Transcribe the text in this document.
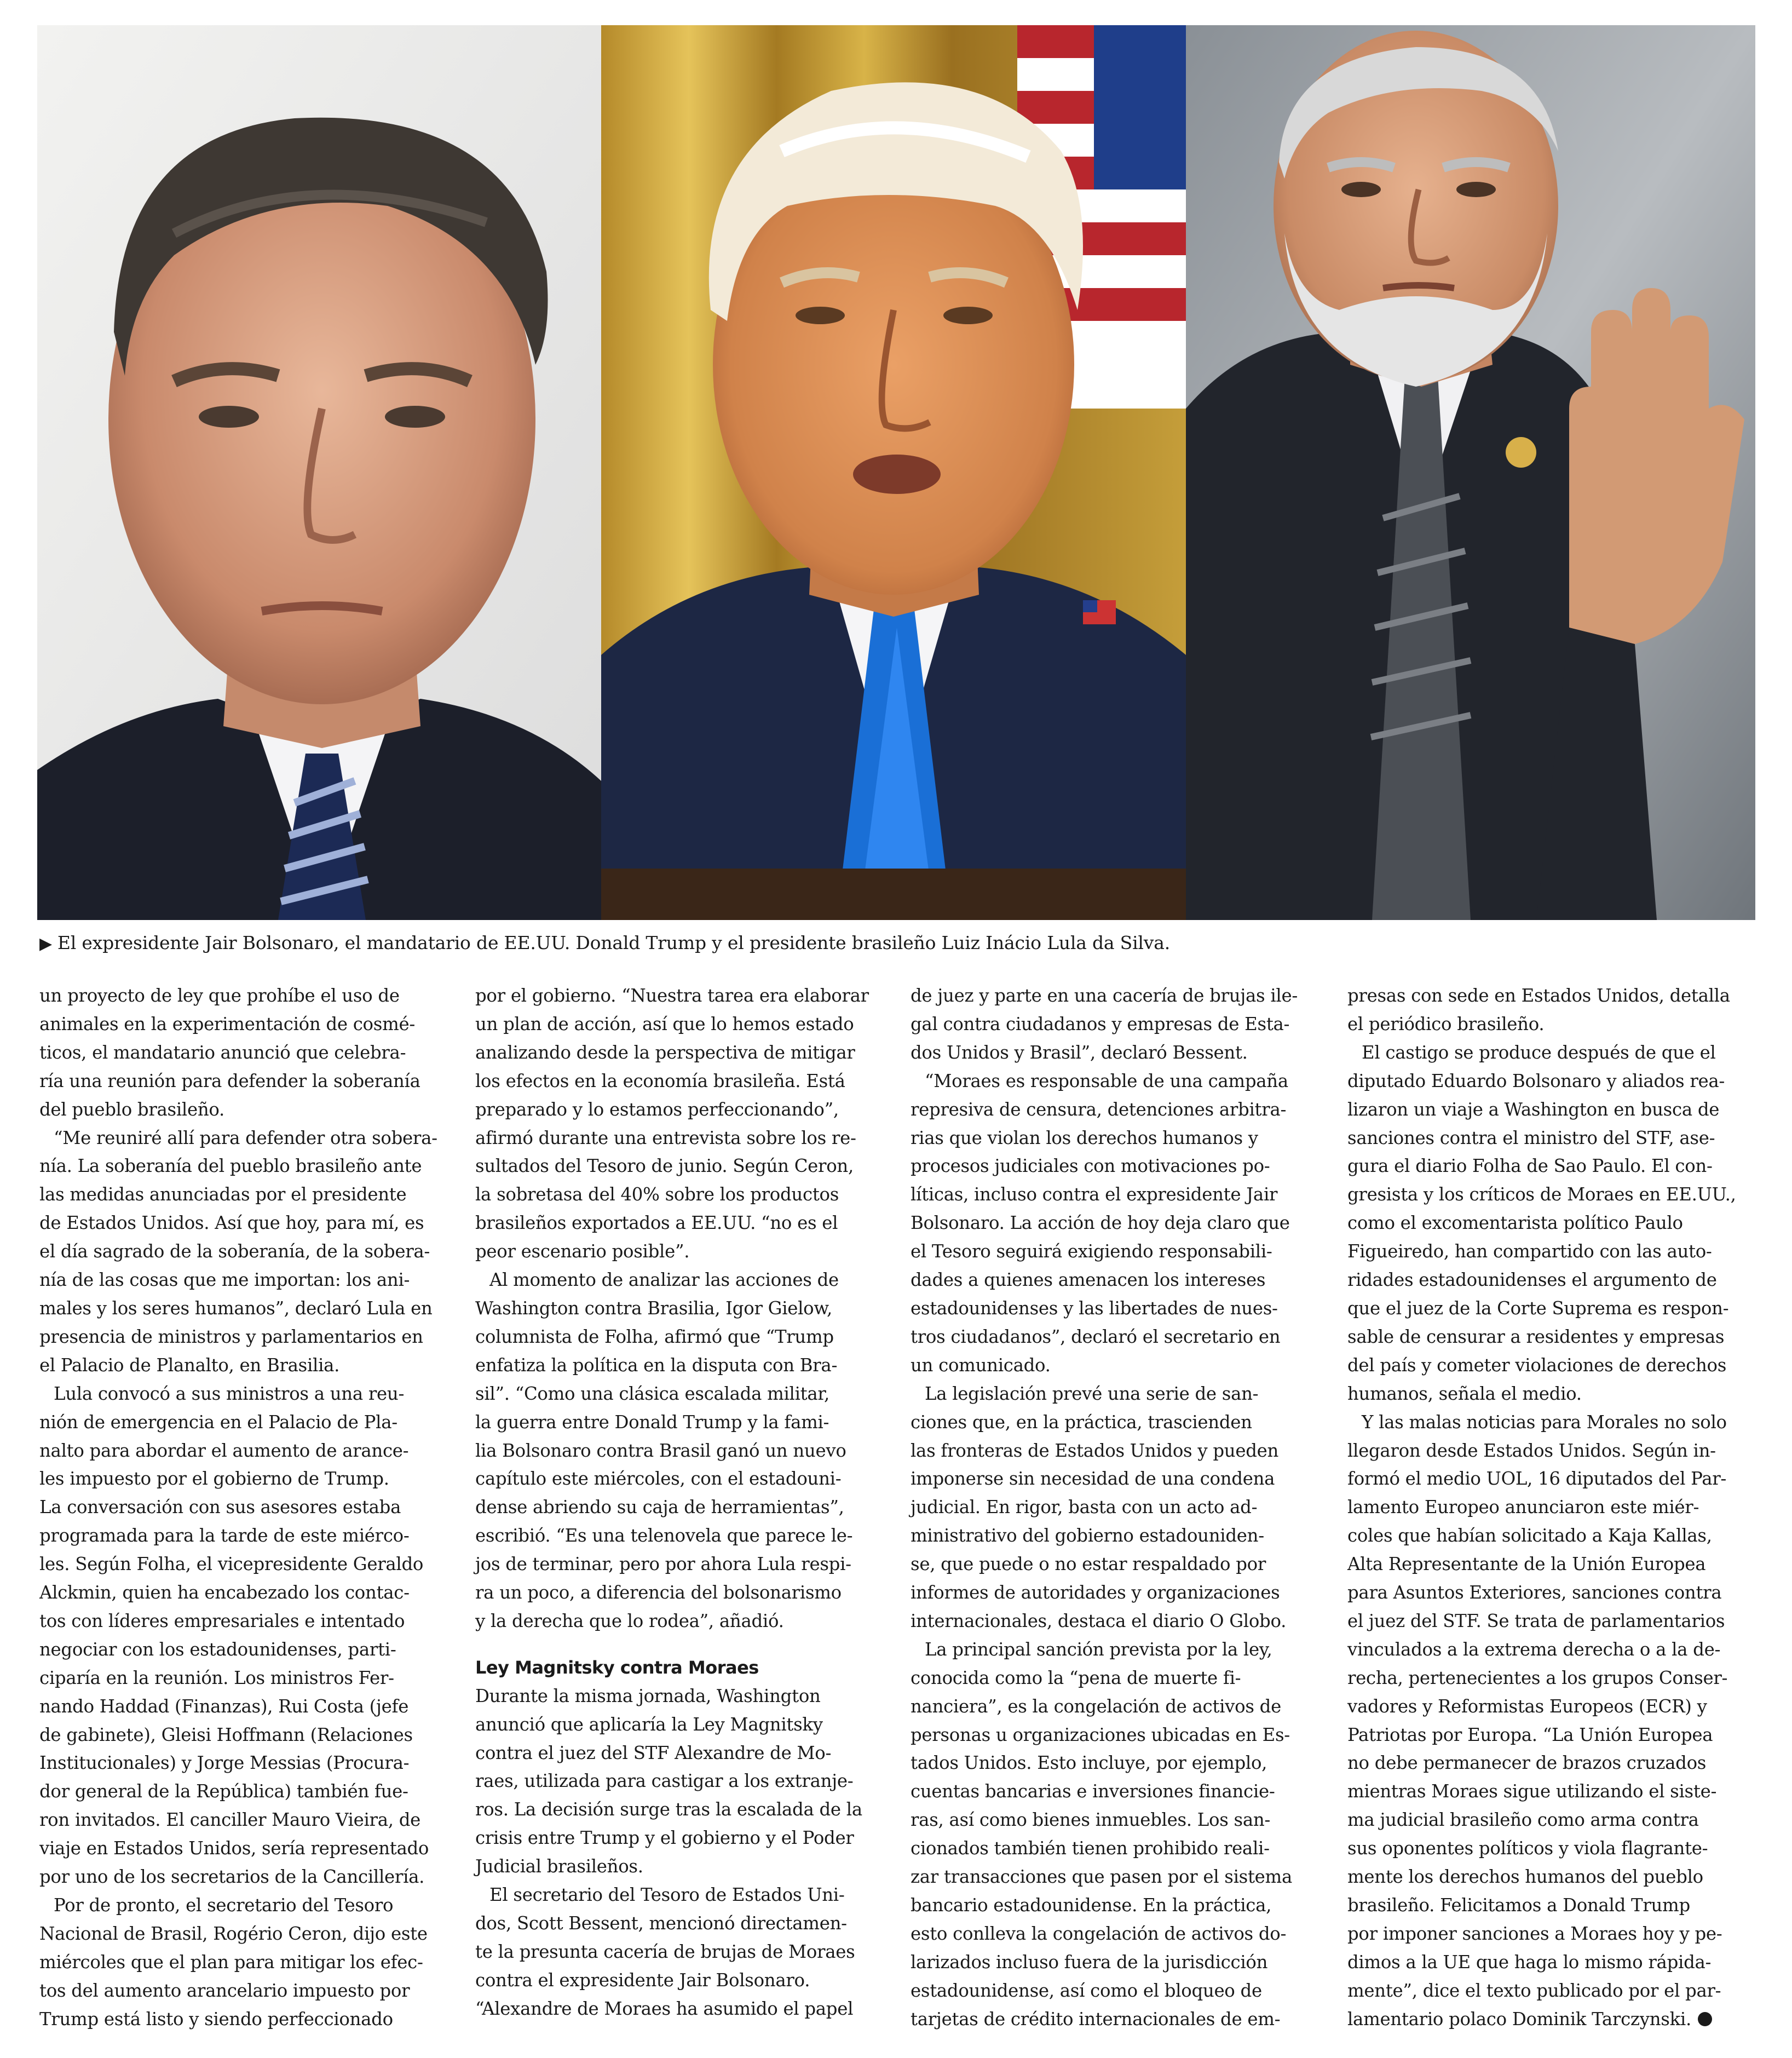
▶ El expresidente Jair Bolsonaro, el mandatario de EE.UU. Donald Trump y el presidente brasileño Luiz Inácio Lula da Silva.

un proyecto de ley que prohíbe el uso de
animales en la experimentación de cosmé-
ticos, el mandatario anunció que celebra-
ría una reunión para defender la soberanía
del pueblo brasileño.

“Me reuniré allí para defender otra sobera-
nía. La soberanía del pueblo brasileño ante
las medidas anunciadas por el presidente
de Estados Unidos. Así que hoy, para mí, es
el día sagrado de la soberanía, de la sobera-
nía de las cosas que me importan: los ani-
males y los seres humanos”, declaró Lula en
presencia de ministros y parlamentarios en
el Palacio de Planalto, en Brasilia.

Lula convocó a sus ministros a una reu-
nión de emergencia en el Palacio de Pla-
nalto para abordar el aumento de arance-
les impuesto por el gobierno de Trump.
La conversación con sus asesores estaba
programada para la tarde de este miérco-
les. Según Folha, el vicepresidente Geraldo
Alckmin, quien ha encabezado los contac-
tos con líderes empresariales e intentado
negociar con los estadounidenses, parti-
ciparía en la reunión. Los ministros Fer-
nando Haddad (Finanzas), Rui Costa (jefe
de gabinete), Gleisi Hoffmann (Relaciones
Institucionales) y Jorge Messias (Procura-
dor general de la República) también fue-
ron invitados. El canciller Mauro Vieira, de
viaje en Estados Unidos, sería representado
por uno de los secretarios de la Cancillería.

Por de pronto, el secretario del Tesoro
Nacional de Brasil, Rogério Ceron, dijo este
miércoles que el plan para mitigar los efec-
tos del aumento arancelario impuesto por
Trump está listo y siendo perfeccionado

por el gobierno. “Nuestra tarea era elaborar
un plan de acción, así que lo hemos estado
analizando desde la perspectiva de mitigar
los efectos en la economía brasileña. Está
preparado y lo estamos perfeccionando”,
afirmó durante una entrevista sobre los re-
sultados del Tesoro de junio. Según Ceron,
la sobretasa del 40% sobre los productos
brasileños exportados a EE.UU. “no es el
peor escenario posible”.

Al momento de analizar las acciones de
Washington contra Brasilia, Igor Gielow,
columnista de Folha, afirmó que “Trump
enfatiza la política en la disputa con Bra-
sil”. “Como una clásica escalada militar,
la guerra entre Donald Trump y la fami-
lia Bolsonaro contra Brasil ganó un nuevo
capítulo este miércoles, con el estadouni-
dense abriendo su caja de herramientas”,
escribió. “Es una telenovela que parece le-
jos de terminar, pero por ahora Lula respi-
ra un poco, a diferencia del bolsonarismo
y la derecha que lo rodea”, añadió.

Ley Magnitsky contra Moraes

Durante la misma jornada, Washington
anunció que aplicaría la Ley Magnitsky
contra el juez del STF Alexandre de Mo-
raes, utilizada para castigar a los extranje-
ros. La decisión surge tras la escalada de la
crisis entre Trump y el gobierno y el Poder
Judicial brasileños.

El secretario del Tesoro de Estados Uni-
dos, Scott Bessent, mencionó directamen-
te la presunta cacería de brujas de Moraes
contra el expresidente Jair Bolsonaro.
“Alexandre de Moraes ha asumido el papel

de juez y parte en una cacería de brujas ile-
gal contra ciudadanos y empresas de Esta-
dos Unidos y Brasil”, declaró Bessent.

“Moraes es responsable de una campaña
represiva de censura, detenciones arbitra-
rias que violan los derechos humanos y
procesos judiciales con motivaciones po-
líticas, incluso contra el expresidente Jair
Bolsonaro. La acción de hoy deja claro que
el Tesoro seguirá exigiendo responsabili-
dades a quienes amenacen los intereses
estadounidenses y las libertades de nues-
tros ciudadanos”, declaró el secretario en
un comunicado.

La legislación prevé una serie de san-
ciones que, en la práctica, trascienden
las fronteras de Estados Unidos y pueden
imponerse sin necesidad de una condena
judicial. En rigor, basta con un acto ad-
ministrativo del gobierno estadouniden-
se, que puede o no estar respaldado por
informes de autoridades y organizaciones
internacionales, destaca el diario O Globo.

La principal sanción prevista por la ley,
conocida como la “pena de muerte fi-
nanciera”, es la congelación de activos de
personas u organizaciones ubicadas en Es-
tados Unidos. Esto incluye, por ejemplo,
cuentas bancarias e inversiones financie-
ras, así como bienes inmuebles. Los san-
cionados también tienen prohibido reali-
zar transacciones que pasen por el sistema
bancario estadounidense. En la práctica,
esto conlleva la congelación de activos do-
larizados incluso fuera de la jurisdicción
estadounidense, así como el bloqueo de
tarjetas de crédito internacionales de em-

presas con sede en Estados Unidos, detalla
el periódico brasileño.

El castigo se produce después de que el
diputado Eduardo Bolsonaro y aliados rea-
lizaron un viaje a Washington en busca de
sanciones contra el ministro del STF, ase-
gura el diario Folha de Sao Paulo. El con-
gresista y los críticos de Moraes en EE.UU.,
como el excomentarista político Paulo
Figueiredo, han compartido con las auto-
ridades estadounidenses el argumento de
que el juez de la Corte Suprema es respon-
sable de censurar a residentes y empresas
del país y cometer violaciones de derechos
humanos, señala el medio.

Y las malas noticias para Morales no solo
llegaron desde Estados Unidos. Según in-
formó el medio UOL, 16 diputados del Par-
lamento Europeo anunciaron este miér-
coles que habían solicitado a Kaja Kallas,
Alta Representante de la Unión Europea
para Asuntos Exteriores, sanciones contra
el juez del STF. Se trata de parlamentarios
vinculados a la extrema derecha o a la de-
recha, pertenecientes a los grupos Conser-
vadores y Reformistas Europeos (ECR) y
Patriotas por Europa. “La Unión Europea
no debe permanecer de brazos cruzados
mientras Moraes sigue utilizando el siste-
ma judicial brasileño como arma contra
sus oponentes políticos y viola flagrante-
mente los derechos humanos del pueblo
brasileño. Felicitamos a Donald Trump
por imponer sanciones a Moraes hoy y pe-
dimos a la UE que haga lo mismo rápida-
mente”, dice el texto publicado por el par-
lamentario polaco Dominik Tarczynski.
